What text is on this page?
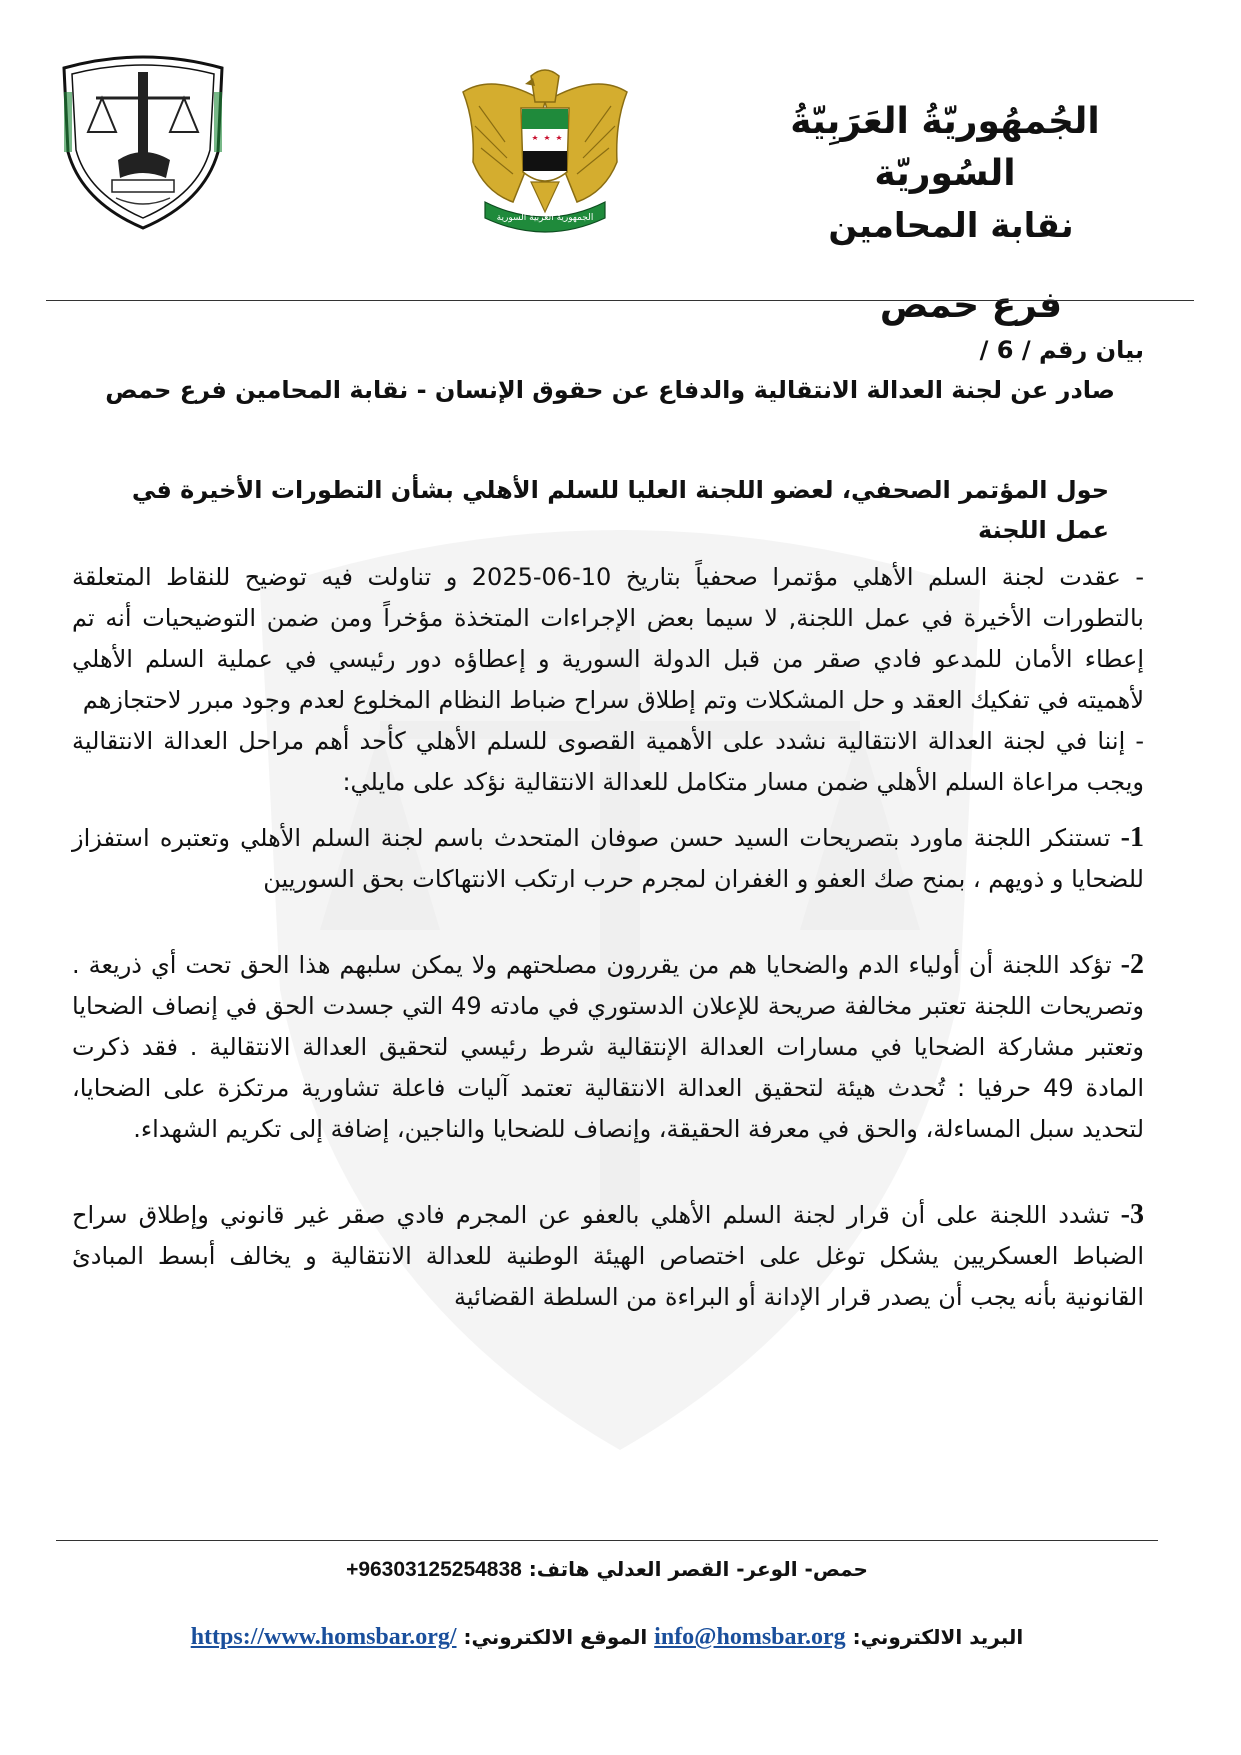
الجمهورية العربية السورية
الجُمهُوريّةُ العَرَبِيّةُ السُوريّة
نقابة المحامين
فرع حمص
بيان رقم / 6 /
صادر عن لجنة العدالة الانتقالية والدفاع عن حقوق الإنسان - نقابة المحامين فرع حمص
حول المؤتمر الصحفي، لعضو اللجنة العليا للسلم الأهلي بشأن التطورات الأخيرة في عمل اللجنة

- عقدت لجنة السلم الأهلي مؤتمرا صحفياً بتاريخ 10-06-2025 و تناولت فيه توضيح للنقاط المتعلقة بالتطورات الأخيرة في عمل اللجنة, لا سيما بعض الإجراءات المتخذة مؤخراً ومن ضمن التوضيحيات أنه تم إعطاء الأمان للمدعو فادي صقر من قبل الدولة السورية و إعطاؤه دور رئيسي في عملية السلم الأهلي لأهميته في تفكيك العقد و حل المشكلات وتم إطلاق سراح ضباط النظام المخلوع لعدم وجود مبرر لاحتجازهم

- إننا في لجنة العدالة الانتقالية نشدد على الأهمية القصوى للسلم الأهلي كأحد أهم مراحل العدالة الانتقالية ويجب مراعاة السلم الأهلي ضمن مسار متكامل للعدالة الانتقالية نؤكد على مايلي:

1- تستنكر اللجنة ماورد بتصريحات السيد حسن صوفان المتحدث باسم لجنة السلم الأهلي وتعتبره استفزاز للضحايا و ذويهم ، بمنح صك العفو و الغفران لمجرم حرب ارتكب الانتهاكات بحق السوريين

2- تؤكد اللجنة أن أولياء الدم والضحايا هم من يقررون مصلحتهم ولا يمكن سلبهم هذا الحق تحت أي ذريعة . وتصريحات اللجنة تعتبر مخالفة صريحة للإعلان الدستوري في مادته 49 التي جسدت الحق في إنصاف الضحايا وتعتبر مشاركة الضحايا في مسارات العدالة الإنتقالية شرط رئيسي لتحقيق العدالة الانتقالية . فقد ذكرت المادة 49 حرفيا : تُحدث هيئة لتحقيق العدالة الانتقالية تعتمد آليات فاعلة تشاورية مرتكزة على الضحايا، لتحديد سبل المساءلة، والحق في معرفة الحقيقة، وإنصاف للضحايا والناجين، إضافة إلى تكريم الشهداء.

3- تشدد اللجنة على أن قرار لجنة السلم الأهلي بالعفو عن المجرم فادي صقر غير قانوني وإطلاق سراح الضباط العسكريين يشكل توغل على اختصاص الهيئة الوطنية للعدالة الانتقالية و يخالف أبسط المبادئ القانونية بأنه يجب أن يصدر قرار الإدانة أو البراءة من السلطة القضائية

حمص- الوعر- القصر العدلي هاتف: +96303125254838
البريد الالكتروني: info@homsbar.org الموقع الالكتروني: https://www.homsbar.org/
